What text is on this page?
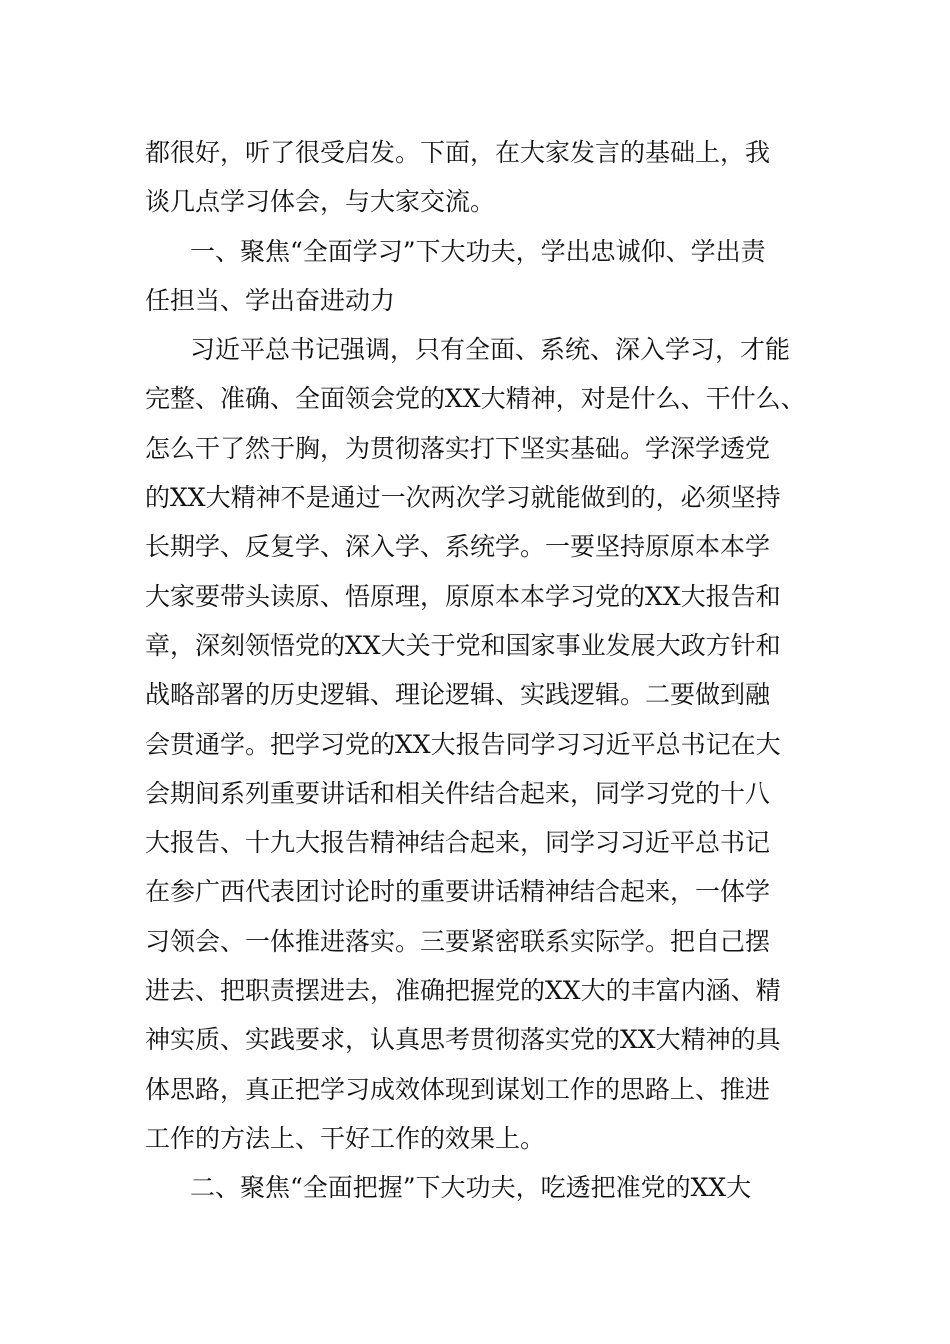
都很好，听了很受启发。下面，在大家发言的基础上，我
谈几点学习体会，与大家交流。
一、聚焦“全面学习”下大功夫，学出忠诚仰、学出责
任担当、学出奋进动力
习近平总书记强调，只有全面、系统、深入学习，才能
完整、准确、全面领会党的XX大精神，对是什么、干什么、
怎么干了然于胸，为贯彻落实打下坚实基础。学深学透党
的XX大精神不是通过一次两次学习就能做到的，必须坚持
长期学、反复学、深入学、系统学。一要坚持原原本本学
大家要带头读原、悟原理，原原本本学习党的XX大报告和
章，深刻领悟党的XX大关于党和国家事业发展大政方针和
战略部署的历史逻辑、理论逻辑、实践逻辑。二要做到融
会贯通学。把学习党的XX大报告同学习习近平总书记在大
会期间系列重要讲话和相关件结合起来，同学习党的十八
大报告、十九大报告精神结合起来，同学习习近平总书记
在参广西代表团讨论时的重要讲话精神结合起来，一体学
习领会、一体推进落实。三要紧密联系实际学。把自己摆
进去、把职责摆进去，准确把握党的XX大的丰富内涵、精
神实质、实践要求，认真思考贯彻落实党的XX大精神的具
体思路，真正把学习成效体现到谋划工作的思路上、推进
工作的方法上、干好工作的效果上。
二、聚焦“全面把握”下大功夫，吃透把准党的XX大
